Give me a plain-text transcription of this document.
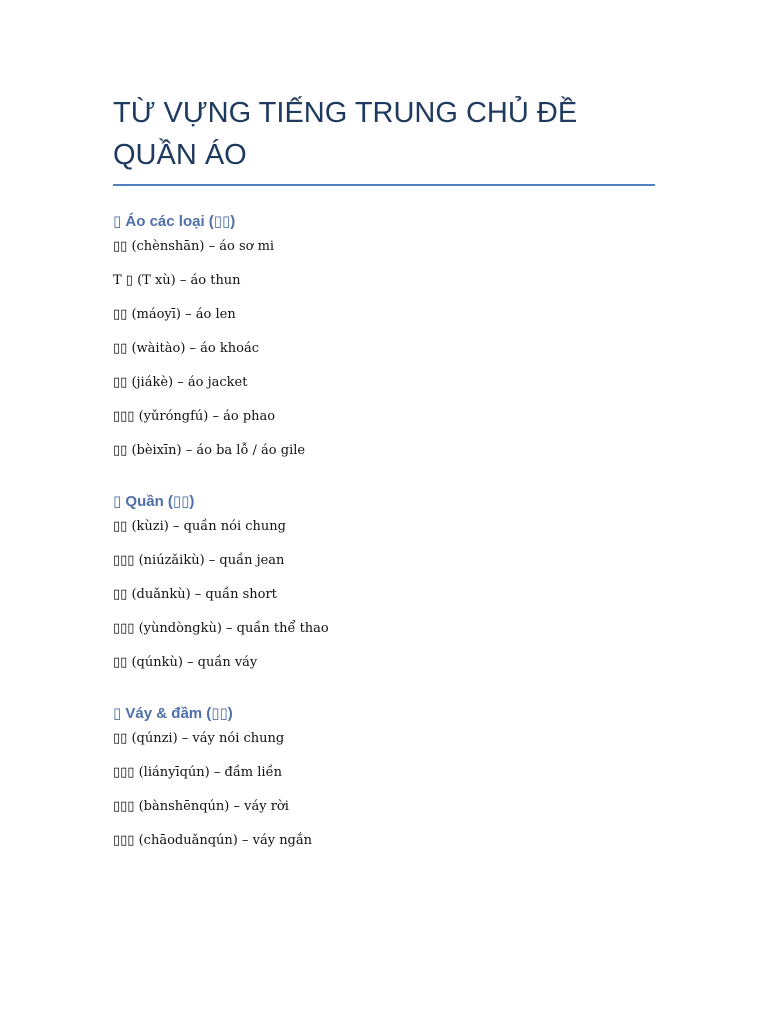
TỪ VỰNG TIẾNG TRUNG CHỦ ĐỀ QUẦN ÁO
▯ Áo các loại (▯▯)
▯▯ (chènshān) – áo sơ mi
T ▯ (T xù) – áo thun
▯▯ (máoyī) – áo len
▯▯ (wàitào) – áo khoác
▯▯ (jiákè) – áo jacket
▯▯▯ (yǔróngfú) – áo phao
▯▯ (bèixīn) – áo ba lỗ / áo gile
▯ Quần (▯▯)
▯▯ (kùzi) – quần nói chung
▯▯▯ (niúzǎikù) – quần jean
▯▯ (duǎnkù) – quần short
▯▯▯ (yùndòngkù) – quần thể thao
▯▯ (qúnkù) – quần váy
▯ Váy & đầm (▯▯)
▯▯ (qúnzi) – váy nói chung
▯▯▯ (liányīqún) – đầm liền
▯▯▯ (bànshēnqún) – váy rời
▯▯▯ (chāoduǎnqún) – váy ngắn
